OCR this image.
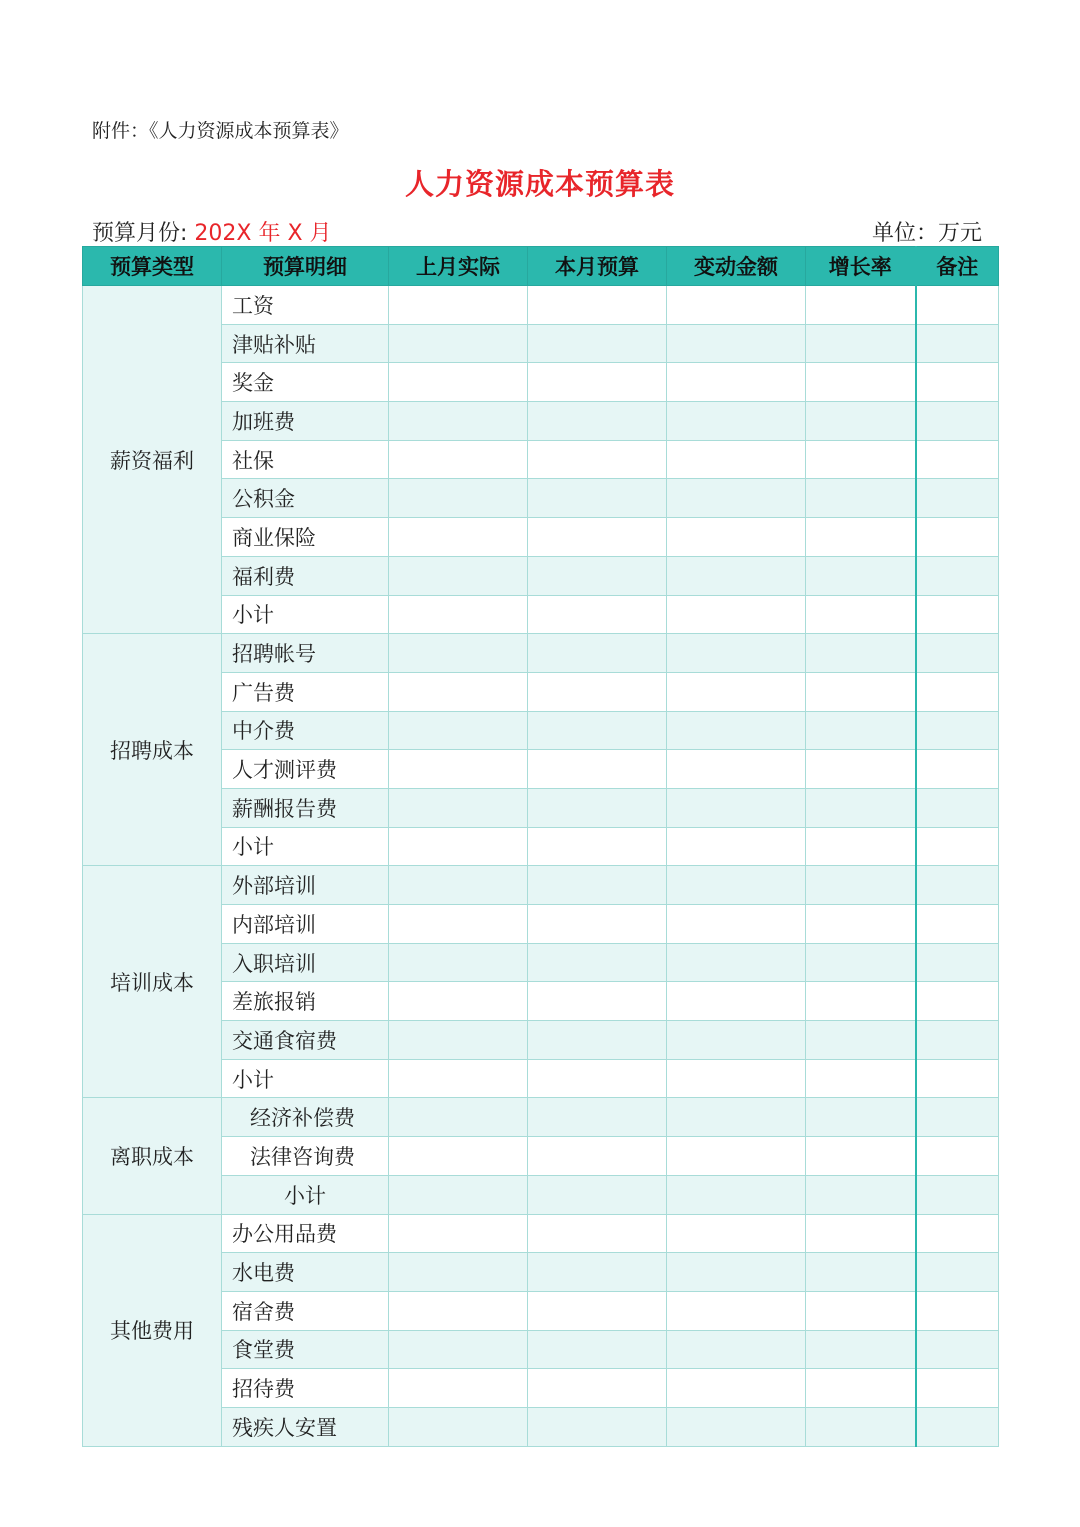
附件：《人力资源成本预算表》
人力资源成本预算表
预算月份: 202X 年 X 月	单位：万元
预算类型	预算明细	上月实际	本月预算	变动金额	增长率	备注
薪资福利	工资					
	津贴补贴					
	奖金					
	加班费					
	社保					
	公积金					
	商业保险					
	福利费					
	小计					
招聘成本	招聘帐号					
	广告费					
	中介费					
	人才测评费					
	薪酬报告费					
	小计					
培训成本	外部培训					
	内部培训					
	入职培训					
	差旅报销					
	交通食宿费					
	小计					
离职成本	经济补偿费					
	法律咨询费					
	小计					
其他费用	办公用品费					
	水电费					
	宿舍费					
	食堂费					
	招待费					
	残疾人安置					
